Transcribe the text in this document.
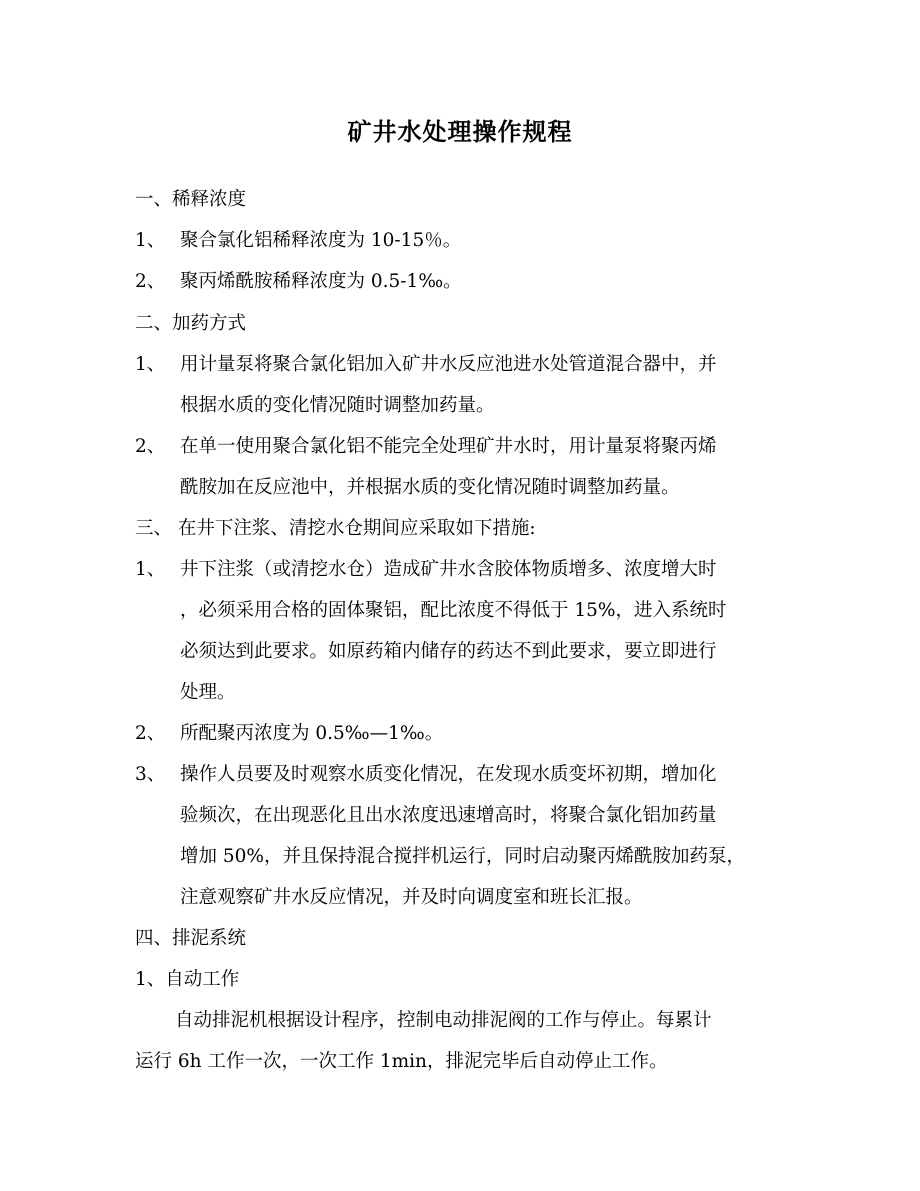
矿井水处理操作规程
一、稀释浓度
1、 聚合氯化铝稀释浓度为 10-15％。
2、 聚丙烯酰胺稀释浓度为 0.5-1‰。
二、加药方式
1、 用计量泵将聚合氯化铝加入矿井水反应池进水处管道混合器中，并
根据水质的变化情况随时调整加药量。
2、 在单一使用聚合氯化铝不能完全处理矿井水时，用计量泵将聚丙烯
酰胺加在反应池中，并根据水质的变化情况随时调整加药量。
三、 在井下注浆、清挖水仓期间应采取如下措施:
1、 井下注浆（或清挖水仓）造成矿井水含胶体物质增多、浓度增大时
，必须采用合格的固体聚铝，配比浓度不得低于 15%，进入系统时
必须达到此要求。如原药箱内储存的药达不到此要求，要立即进行
处理。
2、 所配聚丙浓度为 0.5‰—1‰。
3、 操作人员要及时观察水质变化情况，在发现水质变坏初期，增加化
验频次，在出现恶化且出水浓度迅速增高时，将聚合氯化铝加药量
增加 50%，并且保持混合搅拌机运行，同时启动聚丙烯酰胺加药泵，
注意观察矿井水反应情况，并及时向调度室和班长汇报。
四、排泥系统
1、自动工作
自动排泥机根据设计程序，控制电动排泥阀的工作与停止。每累计
运行 6h 工作一次，一次工作 1min，排泥完毕后自动停止工作。
